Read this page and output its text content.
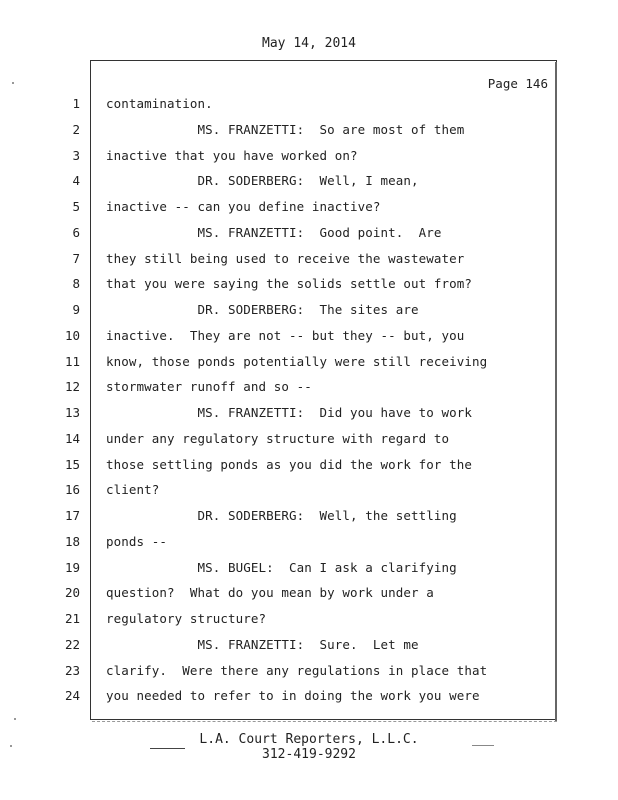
May 14, 2014
Page 146
1 contamination.
2 MS. FRANZETTI:  So are most of them
3 inactive that you have worked on?
4 DR. SODERBERG:  Well, I mean,
5 inactive -- can you define inactive?
6 MS. FRANZETTI:  Good point.  Are
7 they still being used to receive the wastewater
8 that you were saying the solids settle out from?
9 DR. SODERBERG:  The sites are
10 inactive.  They are not -- but they -- but, you
11 know, those ponds potentially were still receiving
12 stormwater runoff and so --
13 MS. FRANZETTI:  Did you have to work
14 under any regulatory structure with regard to
15 those settling ponds as you did the work for the
16 client?
17 DR. SODERBERG:  Well, the settling
18 ponds --
19 MS. BUGEL:  Can I ask a clarifying
20 question?  What do you mean by work under a
21 regulatory structure?
22 MS. FRANZETTI:  Sure.  Let me
23 clarify.  Were there any regulations in place that
24 you needed to refer to in doing the work you were
L.A. Court Reporters, L.L.C.
312-419-9292
